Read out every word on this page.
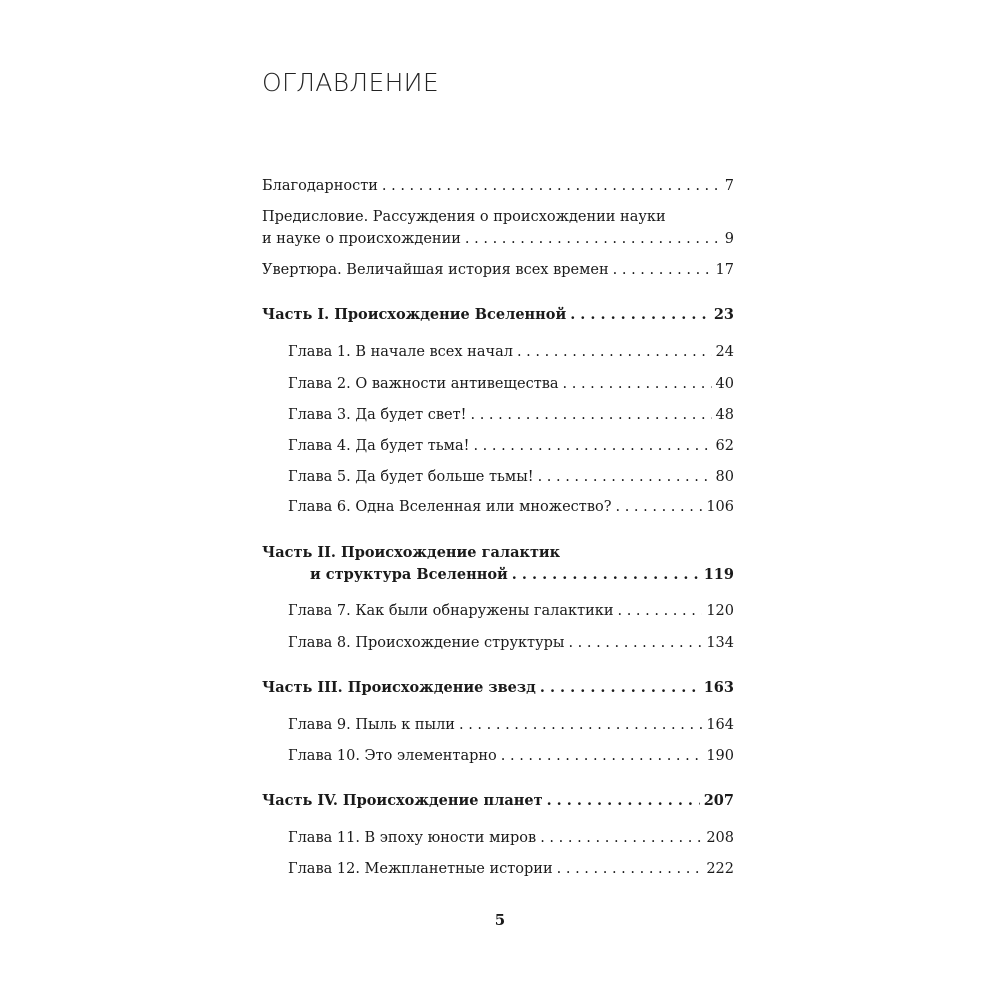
ОГЛАВЛЕНИЕ
Благодарности . . .	7
Предисловие. Рассуждения о происхождении науки
и науке о происхождении . . .	9
Увертюра. Величайшая история всех времен . . .	17
Часть I. Происхождение Вселенной . . .	23
Глава 1. В начале всех начал . . .	24
Глава 2. О важности антивещества . . .	40
Глава 3. Да будет свет! . . .	48
Глава 4. Да будет тьма! . . .	62
Глава 5. Да будет больше тьмы! . . .	80
Глава 6. Одна Вселенная или множество? . . .	106
Часть II. Происхождение галактик
и структура Вселенной . . .	119
Глава 7. Как были обнаружены галактики . . .	120
Глава 8. Происхождение структуры . . .	134
Часть III. Происхождение звезд . . .	163
Глава 9. Пыль к пыли . . .	164
Глава 10. Это элементарно . . .	190
Часть IV. Происхождение планет . . .	207
Глава 11. В эпоху юности миров . . .	208
Глава 12. Межпланетные истории . . .	222
5
